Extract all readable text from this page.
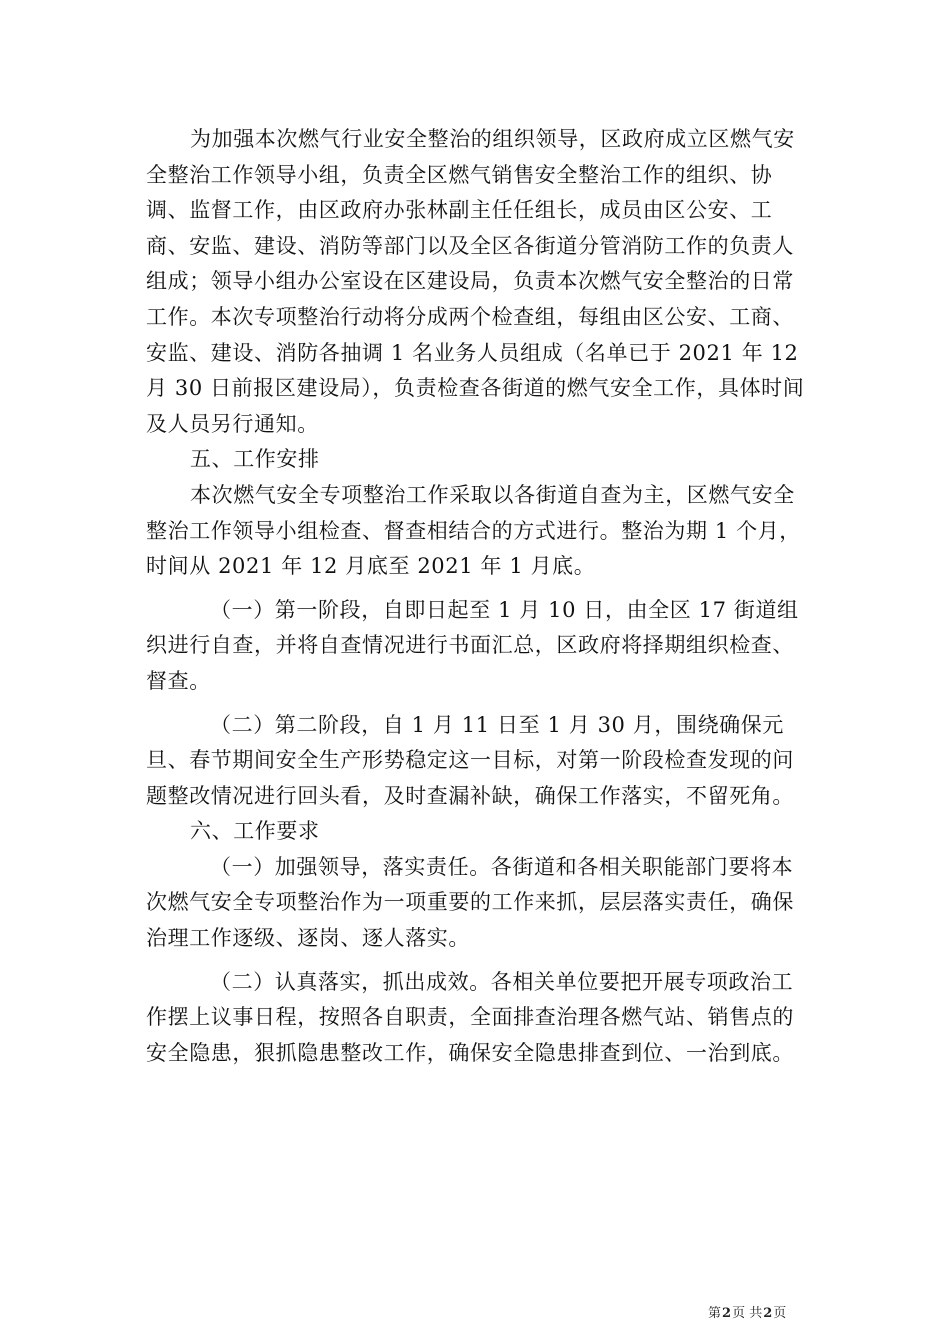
为加强本次燃气行业安全整治的组织领导，区政府成立区燃气安全整治工作领导小组，负责全区燃气销售安全整治工作的组织、协调、监督工作，由区政府办张林副主任任组长，成员由区公安、工商、安监、建设、消防等部门以及全区各街道分管消防工作的负责人组成；领导小组办公室设在区建设局，负责本次燃气安全整治的日常工作。本次专项整治行动将分成两个检查组，每组由区公安、工商、安监、建设、消防各抽调 1 名业务人员组成（名单已于 2021 年 12 月 30 日前报区建设局），负责检查各街道的燃气安全工作，具体时间及人员另行通知。

五、工作安排

本次燃气安全专项整治工作采取以各街道自查为主，区燃气安全整治工作领导小组检查、督查相结合的方式进行。整治为期 1 个月，时间从 2021 年 12 月底至 2021 年 1 月底。

（一）第一阶段，自即日起至 1 月 10 日，由全区 17 街道组织进行自查，并将自查情况进行书面汇总，区政府将择期组织检查、督查。

（二）第二阶段，自 1 月 11 日至 1 月 30 月，围绕确保元旦、春节期间安全生产形势稳定这一目标，对第一阶段检查发现的问题整改情况进行回头看，及时查漏补缺，确保工作落实，不留死角。

六、工作要求

（一）加强领导，落实责任。各街道和各相关职能部门要将本次燃气安全专项整治作为一项重要的工作来抓，层层落实责任，确保治理工作逐级、逐岗、逐人落实。

（二）认真落实，抓出成效。各相关单位要把开展专项政治工作摆上议事日程，按照各自职责，全面排查治理各燃气站、销售点的安全隐患，狠抓隐患整改工作，确保安全隐患排查到位、一治到底。

第2页 共2页
